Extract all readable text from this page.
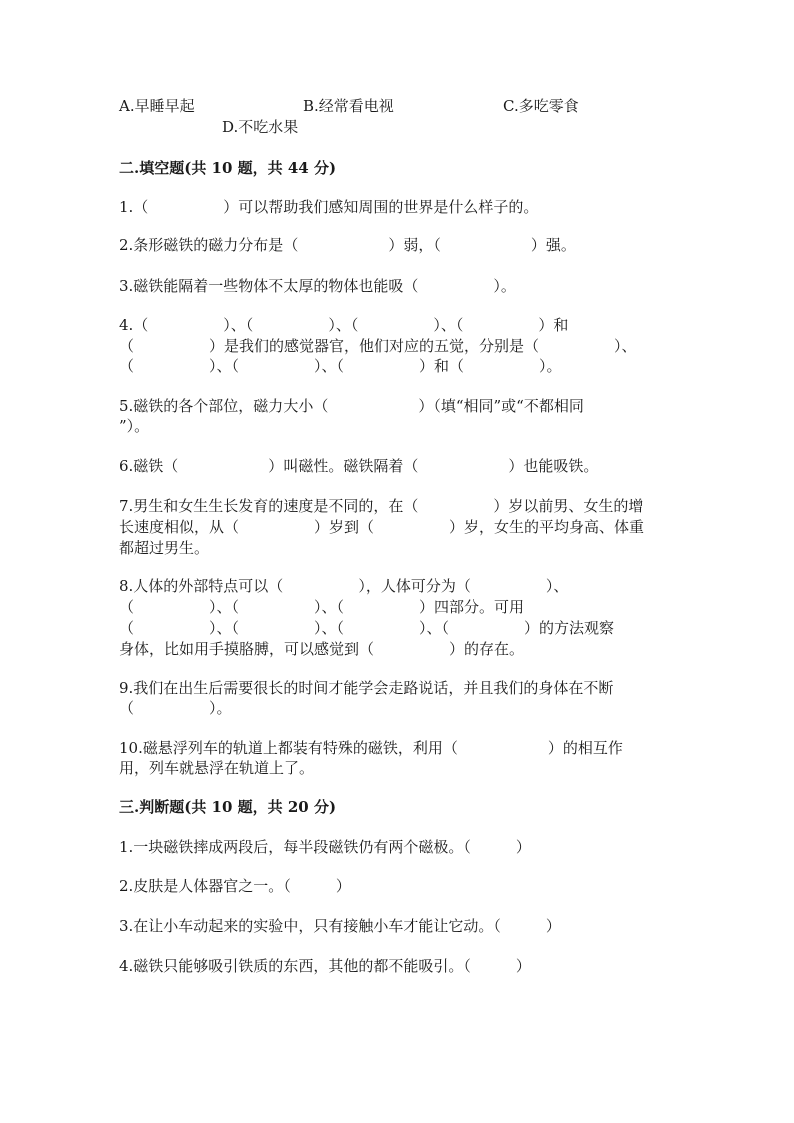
A.早睡早起	B.经常看电视	C.多吃零食
D.不吃水果
二.填空题(共 10 题，共 44 分)
1.（　　　　　）可以帮助我们感知周围的世界是什么样子的。
2.条形磁铁的磁力分布是（　　　　　　）弱，（　　　　　　）强。
3.磁铁能隔着一些物体不太厚的物体也能吸（　　　　　）。
4.（　　　　　）、（　　　　　）、（　　　　　）、（　　　　　）和
（　　　　　）是我们的感觉器官，他们对应的五觉，分别是（　　　　　）、
（　　　　　）、（　　　　　）、（　　　　　）和（　　　　　）。
5.磁铁的各个部位，磁力大小（　　　　　　）（填“相同”或“不都相同
”）。
6.磁铁（　　　　　　）叫磁性。磁铁隔着（　　　　　　）也能吸铁。
7.男生和女生生长发育的速度是不同的，在（　　　　　）岁以前男、女生的增
长速度相似，从（　　　　　）岁到（　　　　　）岁，女生的平均身高、体重
都超过男生。
8.人体的外部特点可以（　　　　　），人体可分为（　　　　　）、
（　　　　　）、（　　　　　）、（　　　　　）四部分。可用
（　　　　　）、（　　　　　）、（　　　　　）、（　　　　　）的方法观察
身体，比如用手摸胳膊，可以感觉到（　　　　　）的存在。
9.我们在出生后需要很长的时间才能学会走路说话，并且我们的身体在不断
（　　　　　）。
10.磁悬浮列车的轨道上都装有特殊的磁铁，利用（　　　　　　）的相互作
用，列车就悬浮在轨道上了。
三.判断题(共 10 题，共 20 分)
1.一块磁铁摔成两段后，每半段磁铁仍有两个磁极。（　　　）
2.皮肤是人体器官之一。（　　　）
3.在让小车动起来的实验中，只有接触小车才能让它动。（　　　）
4.磁铁只能够吸引铁质的东西，其他的都不能吸引。（　　　）
